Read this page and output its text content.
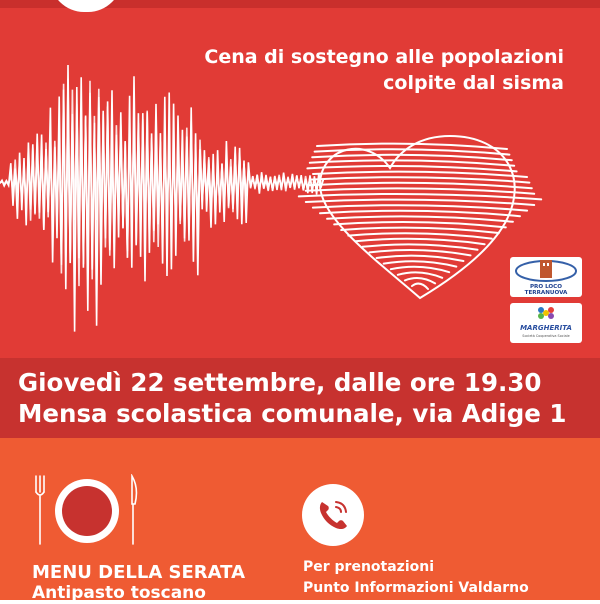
Cena di sostegno alle popolazioni
colpite dal sisma
PRO LOCO TERRANUOVA
MARGHERITA
Società Cooperativa Sociale
Giovedì 22 settembre, dalle ore 19.30
Mensa scolastica comunale, via Adige 1
MENU DELLA SERATA
Antipasto toscano
Per prenotazioni
Punto Informazioni Valdarno
